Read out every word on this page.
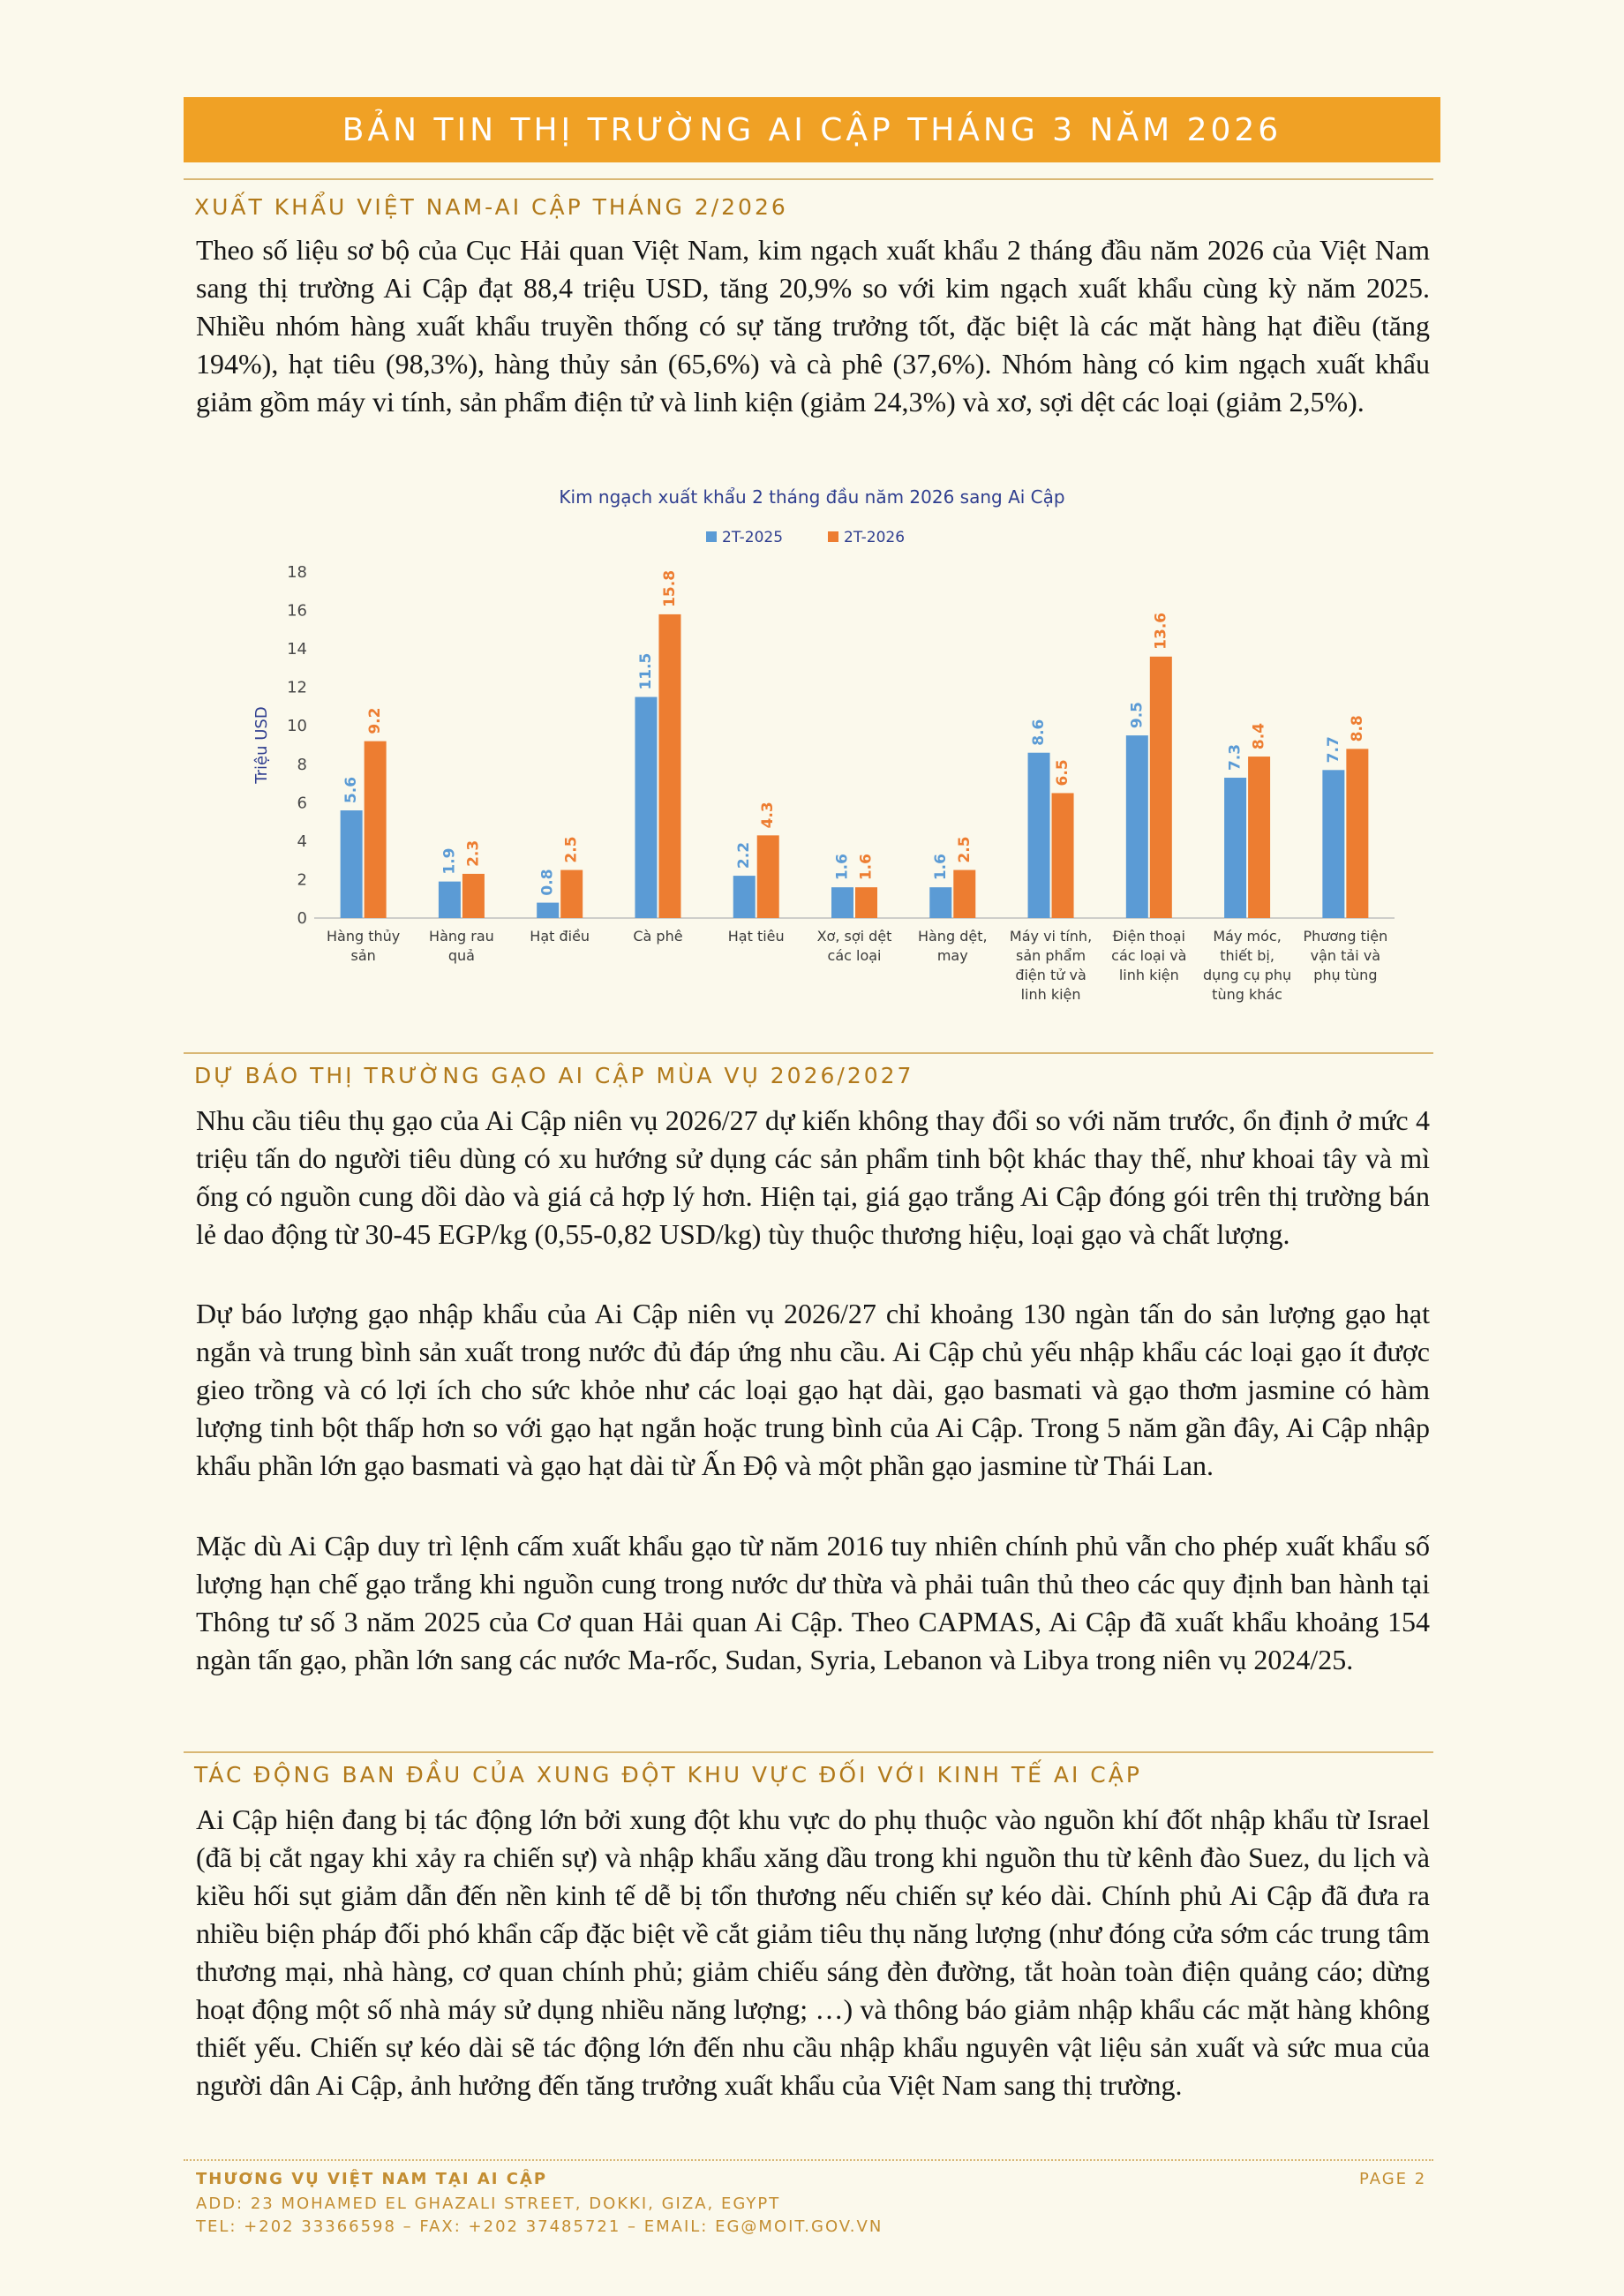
BẢN TIN THỊ TRƯỜNG AI CẬP THÁNG 3 NĂM 2026
XUẤT KHẨU VIỆT NAM-AI CẬP THÁNG 2/2026

Theo số liệu sơ bộ của Cục Hải quan Việt Nam, kim ngạch xuất khẩu 2 tháng đầu năm 2026 của Việt Nam sang thị trường Ai Cập đạt 88,4 triệu USD, tăng 20,9% so với kim ngạch xuất khẩu cùng kỳ năm 2025. Nhiều nhóm hàng xuất khẩu truyền thống có sự tăng trưởng tốt, đặc biệt là các mặt hàng hạt điều (tăng 194%), hạt tiêu (98,3%), hàng thủy sản (65,6%) và cà phê (37,6%). Nhóm hàng có kim ngạch xuất khẩu giảm gồm máy vi tính, sản phẩm điện tử và linh kiện (giảm 24,3%) và xơ, sợi dệt các loại (giảm 2,5%).

Kim ngạch xuất khẩu 2 tháng đầu năm 2026 sang Ai Cập
2T-2025	2T-2026
Triệu USD
0
2
4
6
8
10
12
14
16
18
5.6
9.2
Hàng thủy
sản
1.9 2.3
Hàng rau
quả
0.8
2.5
Hạt điều
11.5
15.8
Cà phê
2.2
4.3
Hạt tiêu
1.6 1.6
Xơ, sợi dệt
các loại
1.6
2.5
Hàng dệt,
may
8.6
6.5
Máy vi tính,
sản phẩm
điện tử và
linh kiện
9.5
13.6
Điện thoại
các loại và
linh kiện
7.3
8.4
Máy móc,
thiết bị,
dụng cụ phụ
tùng khác
7.7
8.8
Phương tiện
vận tải và
phụ tùng
DỰ BÁO THỊ TRƯỜNG GẠO AI CẬP MÙA VỤ 2026/2027

Nhu cầu tiêu thụ gạo của Ai Cập niên vụ 2026/27 dự kiến không thay đổi so với năm trước, ổn định ở mức 4 triệu tấn do người tiêu dùng có xu hướng sử dụng các sản phẩm tinh bột khác thay thế, như khoai tây và mì ống có nguồn cung dồi dào và giá cả hợp lý hơn. Hiện tại, giá gạo trắng Ai Cập đóng gói trên thị trường bán lẻ dao động từ 30-45 EGP/kg (0,55-0,82 USD/kg) tùy thuộc thương hiệu, loại gạo và chất lượng.

Dự báo lượng gạo nhập khẩu của Ai Cập niên vụ 2026/27 chỉ khoảng 130 ngàn tấn do sản lượng gạo hạt ngắn và trung bình sản xuất trong nước đủ đáp ứng nhu cầu. Ai Cập chủ yếu nhập khẩu các loại gạo ít được gieo trồng và có lợi ích cho sức khỏe như các loại gạo hạt dài, gạo basmati và gạo thơm jasmine có hàm lượng tinh bột thấp hơn so với gạo hạt ngắn hoặc trung bình của Ai Cập. Trong 5 năm gần đây, Ai Cập nhập khẩu phần lớn gạo basmati và gạo hạt dài từ Ấn Độ và một phần gạo jasmine từ Thái Lan.

Mặc dù Ai Cập duy trì lệnh cấm xuất khẩu gạo từ năm 2016 tuy nhiên chính phủ vẫn cho phép xuất khẩu số lượng hạn chế gạo trắng khi nguồn cung trong nước dư thừa và phải tuân thủ theo các quy định ban hành tại Thông tư số 3 năm 2025 của Cơ quan Hải quan Ai Cập. Theo CAPMAS, Ai Cập đã xuất khẩu khoảng 154 ngàn tấn gạo, phần lớn sang các nước Ma-rốc, Sudan, Syria, Lebanon và Libya trong niên vụ 2024/25.

TÁC ĐỘNG BAN ĐẦU CỦA XUNG ĐỘT KHU VỰC ĐỐI VỚI KINH TẾ AI CẬP

Ai Cập hiện đang bị tác động lớn bởi xung đột khu vực do phụ thuộc vào nguồn khí đốt nhập khẩu từ Israel (đã bị cắt ngay khi xảy ra chiến sự) và nhập khẩu xăng dầu trong khi nguồn thu từ kênh đào Suez, du lịch và kiều hối sụt giảm dẫn đến nền kinh tế dễ bị tổn thương nếu chiến sự kéo dài. Chính phủ Ai Cập đã đưa ra nhiều biện pháp đối phó khẩn cấp đặc biệt về cắt giảm tiêu thụ năng lượng (như đóng cửa sớm các trung tâm thương mại, nhà hàng, cơ quan chính phủ; giảm chiếu sáng đèn đường, tắt hoàn toàn điện quảng cáo; dừng hoạt động một số nhà máy sử dụng nhiều năng lượng; …) và thông báo giảm nhập khẩu các mặt hàng không thiết yếu. Chiến sự kéo dài sẽ tác động lớn đến nhu cầu nhập khẩu nguyên vật liệu sản xuất và sức mua của người dân Ai Cập, ảnh hưởng đến tăng trưởng xuất khẩu của Việt Nam sang thị trường.

THƯƠNG VỤ VIỆT NAM TẠI AI CẬP	PAGE 2
ADD: 23 MOHAMED EL GHAZALI STREET, DOKKI, GIZA, EGYPT
TEL: +202 33366598 – FAX: +202 37485721 – EMAIL: EG@MOIT.GOV.VN
